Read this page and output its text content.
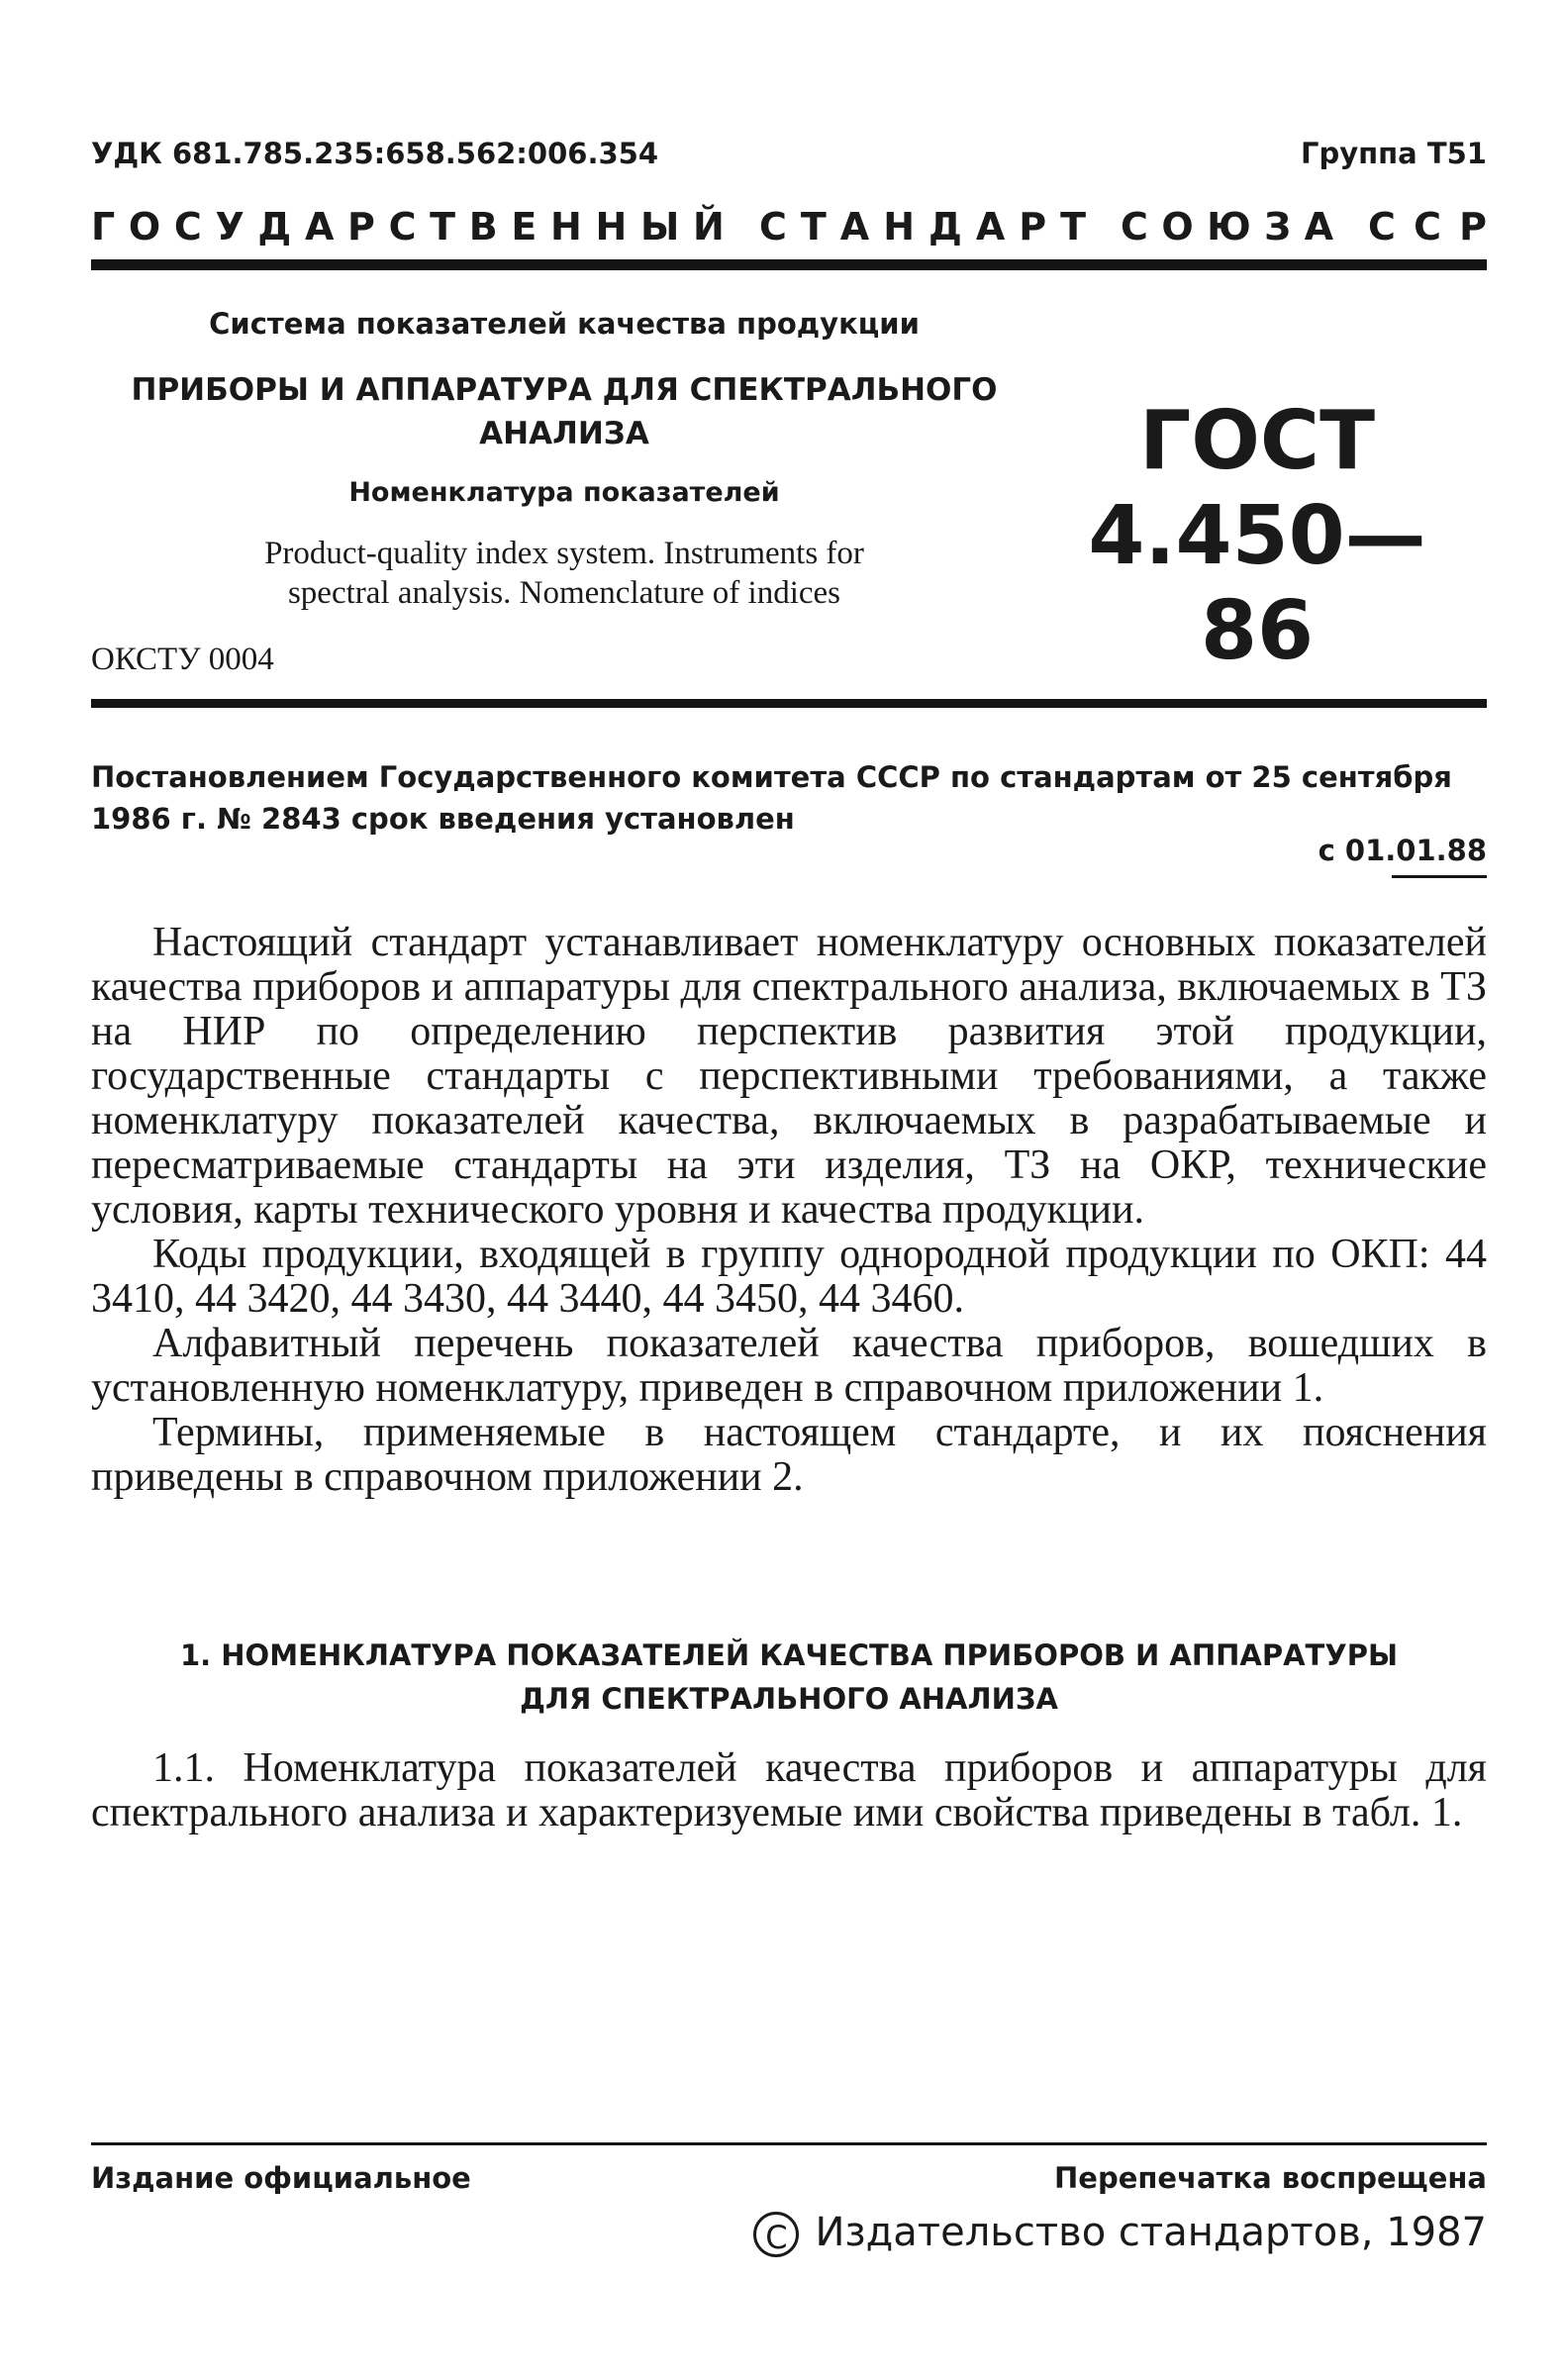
УДК 681.785.235:658.562:006.354	Группа Т51
Г О С У Д А Р С Т В Е Н Н Ы Й С Т А Н Д А Р Т С О Ю З А С С Р

Система показателей качества продукции

ПРИБОРЫ И АППАРАТУРА ДЛЯ СПЕКТРАЛЬНОГО
АНАЛИЗА

Номенклатура показателей

Product-quality index system. Instruments for
spectral analysis. Nomenclature of indices

ГОСТ
4.450—86
ОКСТУ 0004
Постановлением Государственного комитета СССР по стандартам от 25 сентября 1986 г. № 2843 срок введения установлен
с 01.01.88

Настоящий стандарт устанавливает номенклатуру основных показателей качества приборов и аппаратуры для спектрального анализа, включаемых в ТЗ на НИР по определению перспектив развития этой продукции, государственные стандарты с перспективными требованиями, а также номенклатуру показателей качества, включаемых в разрабатываемые и пересматриваемые стандарты на эти изделия, ТЗ на ОКР, технические условия, карты технического уровня и качества продукции.

Коды продукции, входящей в группу однородной продукции по ОКП: 44 3410, 44 3420, 44 3430, 44 3440, 44 3450, 44 3460.

Алфавитный перечень показателей качества приборов, вошедших в установленную номенклатуру, приведен в справочном приложении 1.

Термины, применяемые в настоящем стандарте, и их пояснения приведены в справочном приложении 2.

1. НОМЕНКЛАТУРА ПОКАЗАТЕЛЕЙ КАЧЕСТВА ПРИБОРОВ И АППАРАТУРЫ
ДЛЯ СПЕКТРАЛЬНОГО АНАЛИЗА

1.1. Номенклатура показателей качества приборов и аппаратуры для спектрального анализа и характеризуемые ими свойства приведены в табл. 1.

Издание официальное	Перепечатка воспрещена
C Издательство стандартов, 1987
